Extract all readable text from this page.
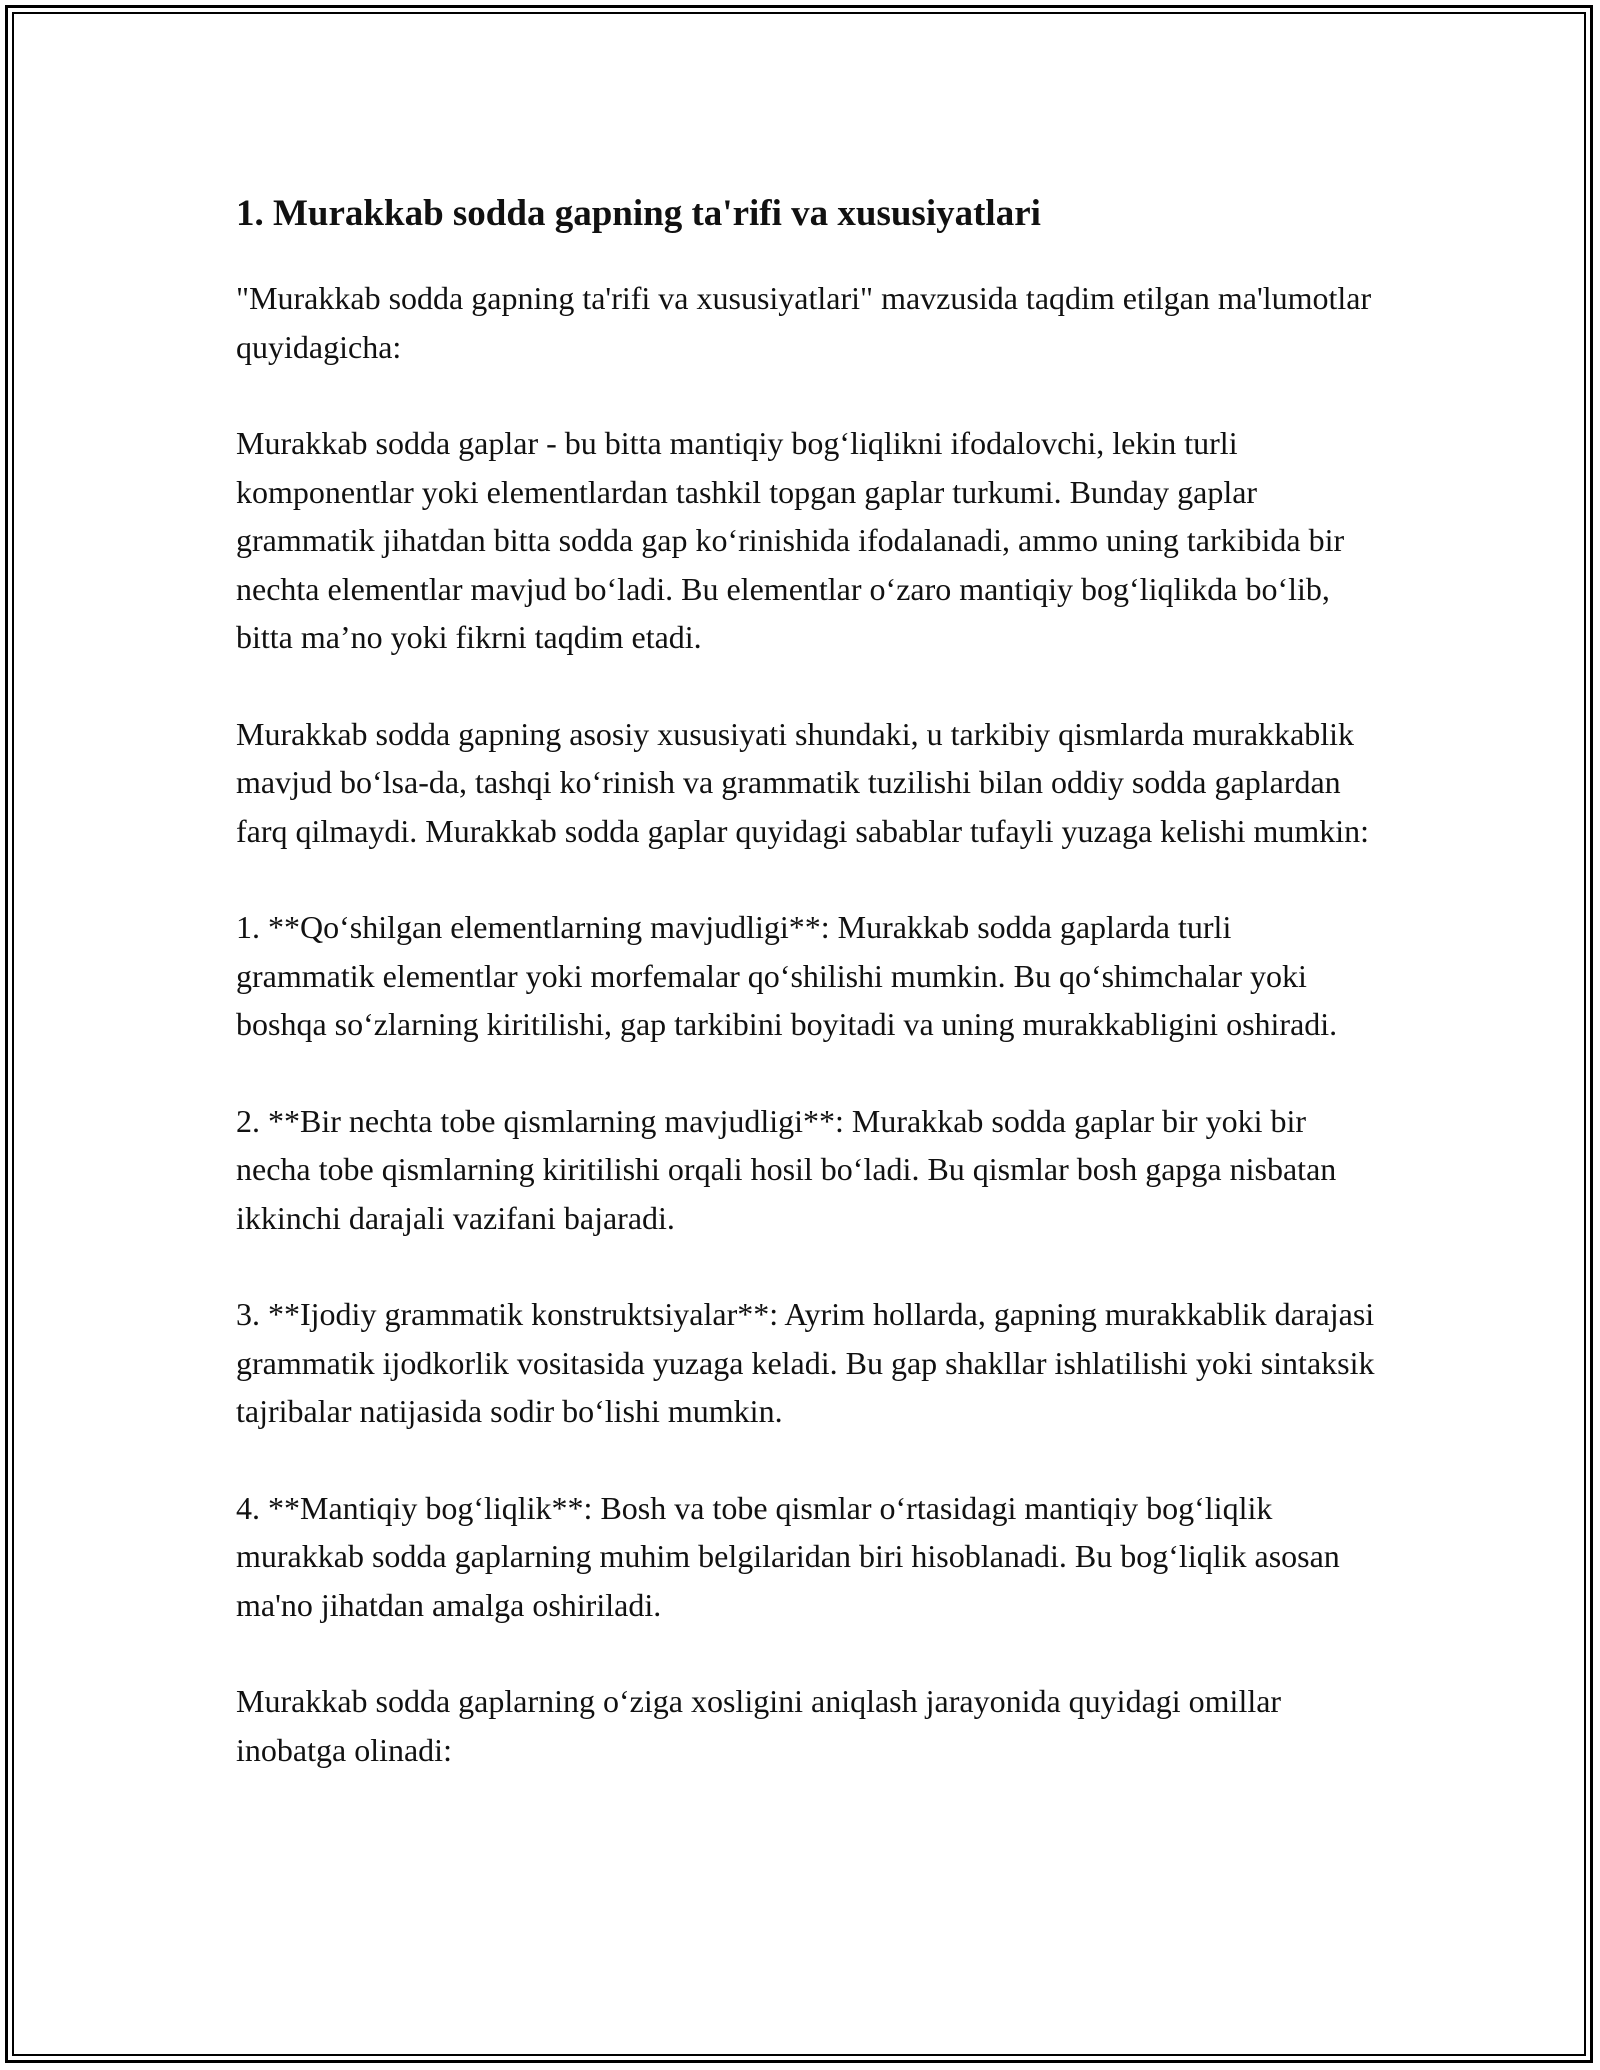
1. Murakkab sodda gapning ta'rifi va xususiyatlari

"Murakkab sodda gapning ta'rifi va xususiyatlari" mavzusida taqdim etilgan ma'lumotlar quyidagicha:

Murakkab sodda gaplar - bu bitta mantiqiy bog‘liqlikni ifodalovchi, lekin turli komponentlar yoki elementlardan tashkil topgan gaplar turkumi. Bunday gaplar grammatik jihatdan bitta sodda gap ko‘rinishida ifodalanadi, ammo uning tarkibida bir nechta elementlar mavjud bo‘ladi. Bu elementlar o‘zaro mantiqiy bog‘liqlikda bo‘lib, bitta ma’no yoki fikrni taqdim etadi.

Murakkab sodda gapning asosiy xususiyati shundaki, u tarkibiy qismlarda murakkablik mavjud bo‘lsa-da, tashqi ko‘rinish va grammatik tuzilishi bilan oddiy sodda gaplardan farq qilmaydi. Murakkab sodda gaplar quyidagi sabablar tufayli yuzaga kelishi mumkin:

1. **Qo‘shilgan elementlarning mavjudligi**: Murakkab sodda gaplarda turli grammatik elementlar yoki morfemalar qo‘shilishi mumkin. Bu qo‘shimchalar yoki boshqa so‘zlarning kiritilishi, gap tarkibini boyitadi va uning murakkabligini oshiradi.

2. **Bir nechta tobe qismlarning mavjudligi**: Murakkab sodda gaplar bir yoki bir necha tobe qismlarning kiritilishi orqali hosil bo‘ladi. Bu qismlar bosh gapga nisbatan ikkinchi darajali vazifani bajaradi.

3. **Ijodiy grammatik konstruktsiyalar**: Ayrim hollarda, gapning murakkablik darajasi grammatik ijodkorlik vositasida yuzaga keladi. Bu gap shakllar ishlatilishi yoki sintaksik tajribalar natijasida sodir bo‘lishi mumkin.

4. **Mantiqiy bog‘liqlik**: Bosh va tobe qismlar o‘rtasidagi mantiqiy bog‘liqlik murakkab sodda gaplarning muhim belgilaridan biri hisoblanadi. Bu bog‘liqlik asosan ma'no jihatdan amalga oshiriladi.

Murakkab sodda gaplarning o‘ziga xosligini aniqlash jarayonida quyidagi omillar inobatga olinadi:
